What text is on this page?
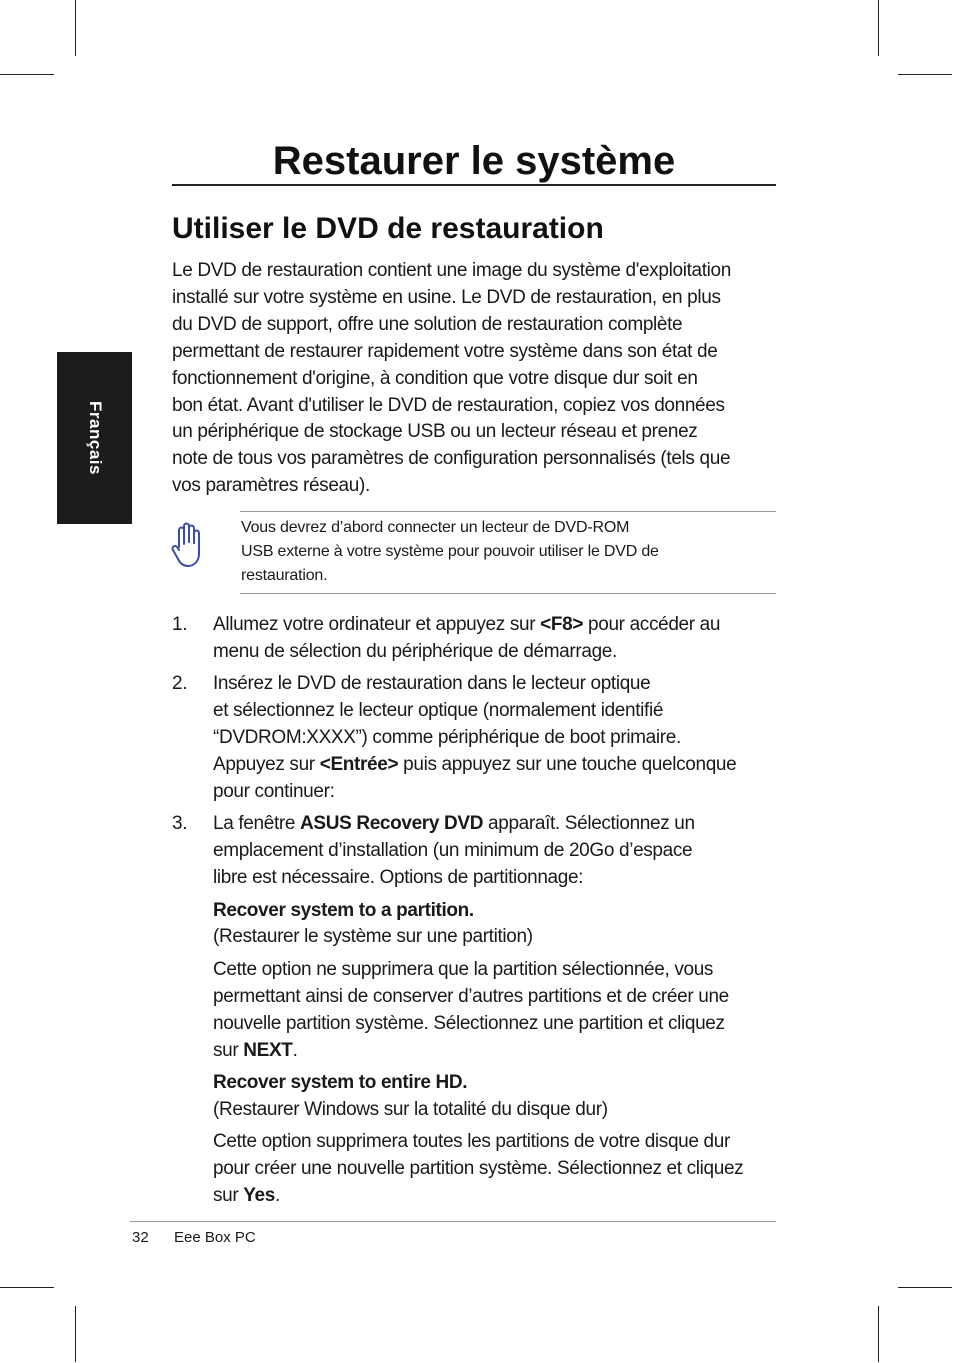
Français
Restaurer le système
Utiliser le DVD de restauration
Le DVD de restauration contient une image du système d'exploitation
installé sur votre système en usine. Le DVD de restauration, en plus
du DVD de support, offre une solution de restauration complète
permettant de restaurer rapidement votre système dans son état de
fonctionnement d'origine, à condition que votre disque dur soit en
bon état. Avant d'utiliser le DVD de restauration, copiez vos données
un périphérique de stockage USB ou un lecteur réseau et prenez
note de tous vos paramètres de configuration personnalisés (tels que
vos paramètres réseau).
Vous devrez d’abord connecter un lecteur de DVD-ROM
USB externe à votre système pour pouvoir utiliser le DVD de
restauration.
1. Allumez votre ordinateur et appuyez sur <F8> pour accéder au
menu de sélection du périphérique de démarrage.
2. Insérez le DVD de restauration dans le lecteur optique
et sélectionnez le lecteur optique (normalement identifié
“DVDROM:XXXX”) comme périphérique de boot primaire.
Appuyez sur <Entrée> puis appuyez sur une touche quelconque
pour continuer:
3. La fenêtre ASUS Recovery DVD apparaît. Sélectionnez un
emplacement d’installation (un minimum de 20Go d’espace
libre est nécessaire. Options de partitionnage:
Recover system to a partition.
(Restaurer le système sur une partition)
Cette option ne supprimera que la partition sélectionnée, vous
permettant ainsi de conserver d’autres partitions et de créer une
nouvelle partition système. Sélectionnez une partition et cliquez
sur NEXT.
Recover system to entire HD.
(Restaurer Windows sur la totalité du disque dur)
Cette option supprimera toutes les partitions de votre disque dur
pour créer une nouvelle partition système. Sélectionnez et cliquez
sur Yes.
32 Eee Box PC
